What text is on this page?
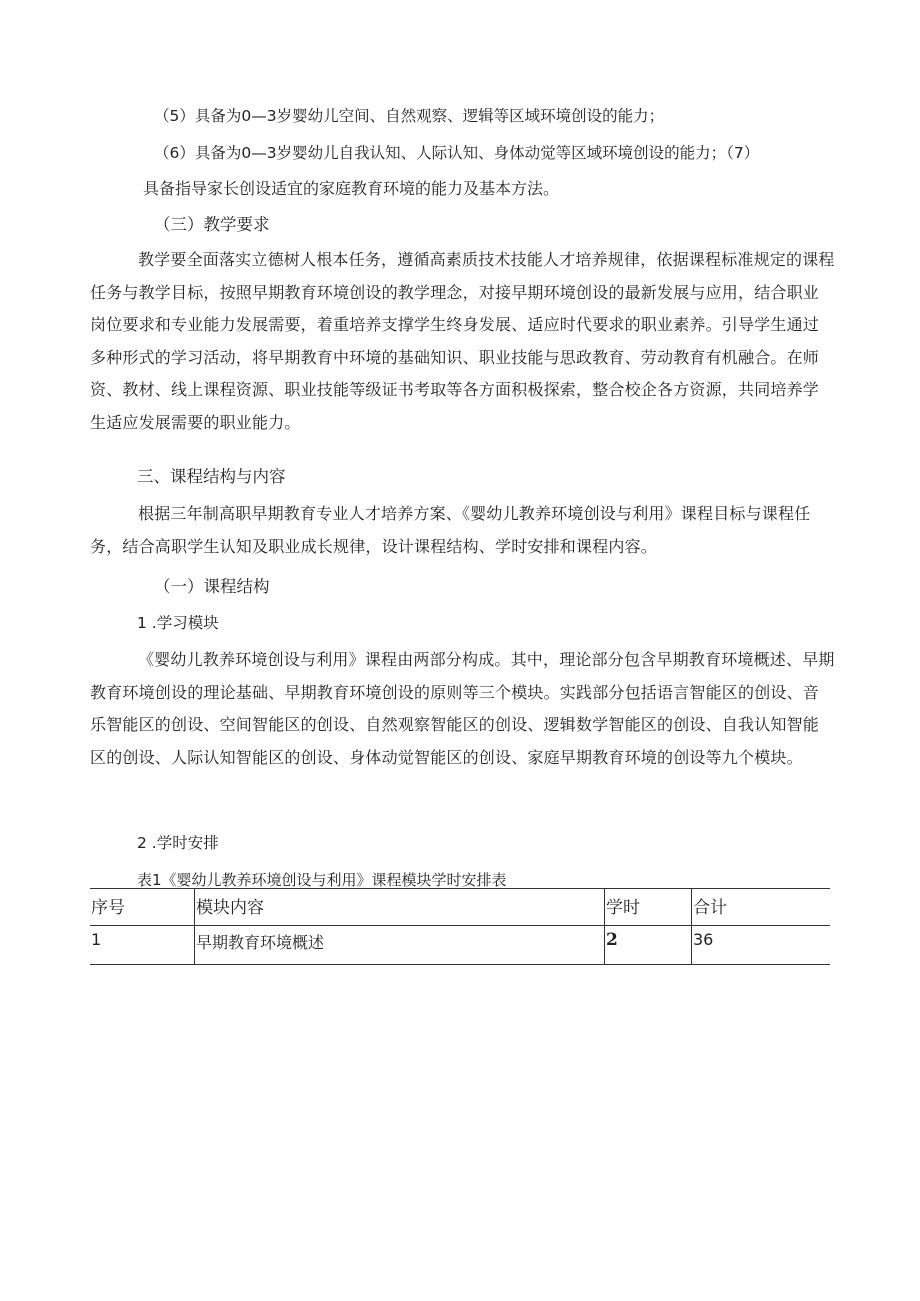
（5）具备为0—3岁婴幼儿空间、自然观察、逻辑等区域环境创设的能力；
（6）具备为0—3岁婴幼儿自我认知、人际认知、身体动觉等区域环境创设的能力；（7）
具备指导家长创设适宜的家庭教育环境的能力及基本方法。
（三）教学要求
教学要全面落实立德树人根本任务，遵循高素质技术技能人才培养规律，依据课程标准规定的课程任务与教学目标，按照早期教育环境创设的教学理念，对接早期环境创设的最新发展与应用，结合职业岗位要求和专业能力发展需要，着重培养支撑学生终身发展、适应时代要求的职业素养。引导学生通过多种形式的学习活动，将早期教育中环境的基础知识、职业技能与思政教育、劳动教育有机融合。在师资、教材、线上课程资源、职业技能等级证书考取等各方面积极探索，整合校企各方资源，共同培养学生适应发展需要的职业能力。
三、课程结构与内容
根据三年制高职早期教育专业人才培养方案、《婴幼儿教养环境创设与利用》课程目标与课程任务，结合高职学生认知及职业成长规律，设计课程结构、学时安排和课程内容。
（一）课程结构
1 .学习模块
《婴幼儿教养环境创设与利用》课程由两部分构成。其中，理论部分包含早期教育环境概述、早期教育环境创设的理论基础、早期教育环境创设的原则等三个模块。实践部分包括语言智能区的创设、音乐智能区的创设、空间智能区的创设、自然观察智能区的创设、逻辑数学智能区的创设、自我认知智能区的创设、人际认知智能区的创设、身体动觉智能区的创设、家庭早期教育环境的创设等九个模块。
2 .学时安排
表1《婴幼儿教养环境创设与利用》课程模块学时安排表
序号	模块内容	学时	合计
1	早期教育环境概述	2	36
